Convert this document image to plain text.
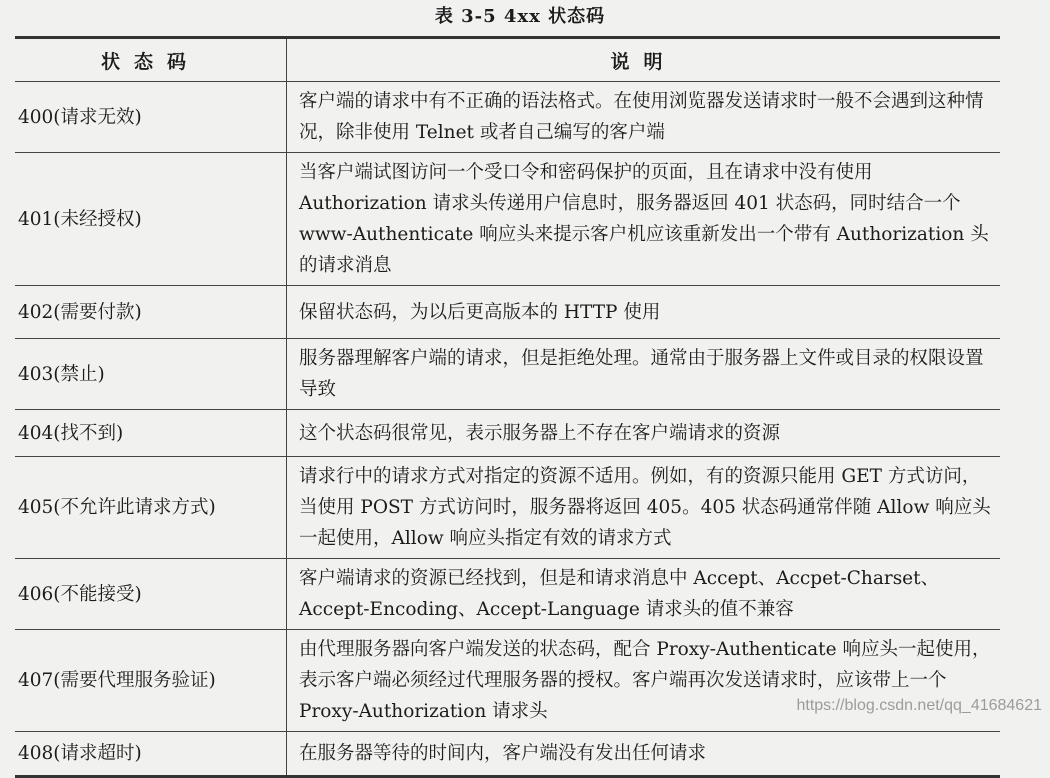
表 3-5 4xx 状态码
状态码	说明
400(请求无效)	客户端的请求中有不正确的语法格式。在使用浏览器发送请求时一般不会遇到这种情况，除非使用 Telnet 或者自己编写的客户端
401(未经授权)	当客户端试图访问一个受口令和密码保护的页面，且在请求中没有使用 Authorization 请求头传递用户信息时，服务器返回 401 状态码，同时结合一个 www-Authenticate 响应头来提示客户机应该重新发出一个带有 Authorization 头的请求消息
402(需要付款)	保留状态码，为以后更高版本的 HTTP 使用
403(禁止)	服务器理解客户端的请求，但是拒绝处理。通常由于服务器上文件或目录的权限设置导致
404(找不到)	这个状态码很常见，表示服务器上不存在客户端请求的资源
405(不允许此请求方式)	请求行中的请求方式对指定的资源不适用。例如，有的资源只能用 GET 方式访问，当使用 POST 方式访问时，服务器将返回 405。405 状态码通常伴随 Allow 响应头一起使用，Allow 响应头指定有效的请求方式
406(不能接受)	客户端请求的资源已经找到，但是和请求消息中 Accept、Accpet-Charset、Accept-Encoding、Accept-Language 请求头的值不兼容
407(需要代理服务验证)	由代理服务器向客户端发送的状态码，配合 Proxy-Authenticate 响应头一起使用，表示客户端必须经过代理服务器的授权。客户端再次发送请求时，应该带上一个 Proxy-Authorization 请求头
408(请求超时)	在服务器等待的时间内，客户端没有发出任何请求
https://blog.csdn.net/qq_41684621
